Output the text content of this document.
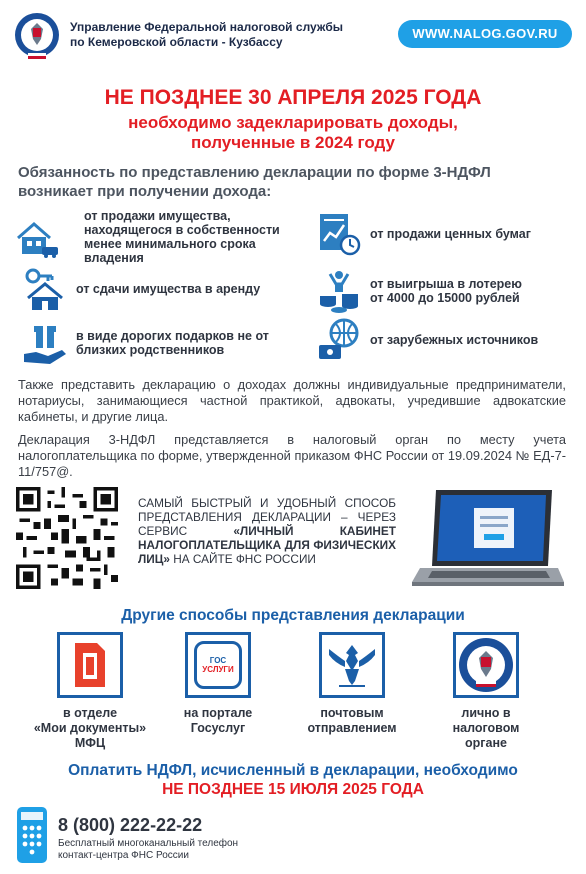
Управление Федеральной налоговой службы
по Кемеровской области - Кузбассу
WWW.NALOG.GOV.RU
НЕ ПОЗДНЕЕ 30 АПРЕЛЯ 2025 ГОДА
необходимо задекларировать доходы,
полученные в 2024 году
Обязанность по представлению декларации по форме 3-НДФЛ
возникает при получении дохода:
от продажи имущества,
находящегося в собственности
менее минимального срока
владения
от продажи ценных бумаг
от сдачи имущества в аренду	от выигрыша в лотерею
от 4000 до 15000 рублей
в виде дорогих подарков не от
близких родственников
от зарубежных источников
Также представить декларацию о доходах должны индивидуальные предприниматели, нотариусы, занимающиеся частной практикой, адвокаты, учредившие адвокатские кабинеты, и другие лица.
Декларация 3-НДФЛ представляется в налоговый орган по месту учета налогоплательщика по форме, утвержденной приказом ФНС России от 19.09.2024 № ЕД-7-11/757@.
САМЫЙ БЫСТРЫЙ И УДОБНЫЙ СПОСОБ ПРЕДСТАВЛЕНИЯ ДЕКЛАРАЦИИ – ЧЕРЕЗ СЕРВИС «ЛИЧНЫЙ КАБИНЕТ НАЛОГОПЛАТЕЛЬЩИКА ДЛЯ ФИЗИЧЕСКИХ ЛИЦ» НА САЙТЕ ФНС РОССИИ
Другие способы представления декларации
в отделе
«Мои документы»
МФЦ
ГОС
УСЛУГИ
на портале
Госуслуг
почтовым
отправлением
лично в
налоговом
органе
Оплатить НДФЛ, исчисленный в декларации, необходимо
НЕ ПОЗДНЕЕ 15 ИЮЛЯ 2025 ГОДА
8 (800) 222-22-22
Бесплатный многоканальный телефон
контакт-центра ФНС России
